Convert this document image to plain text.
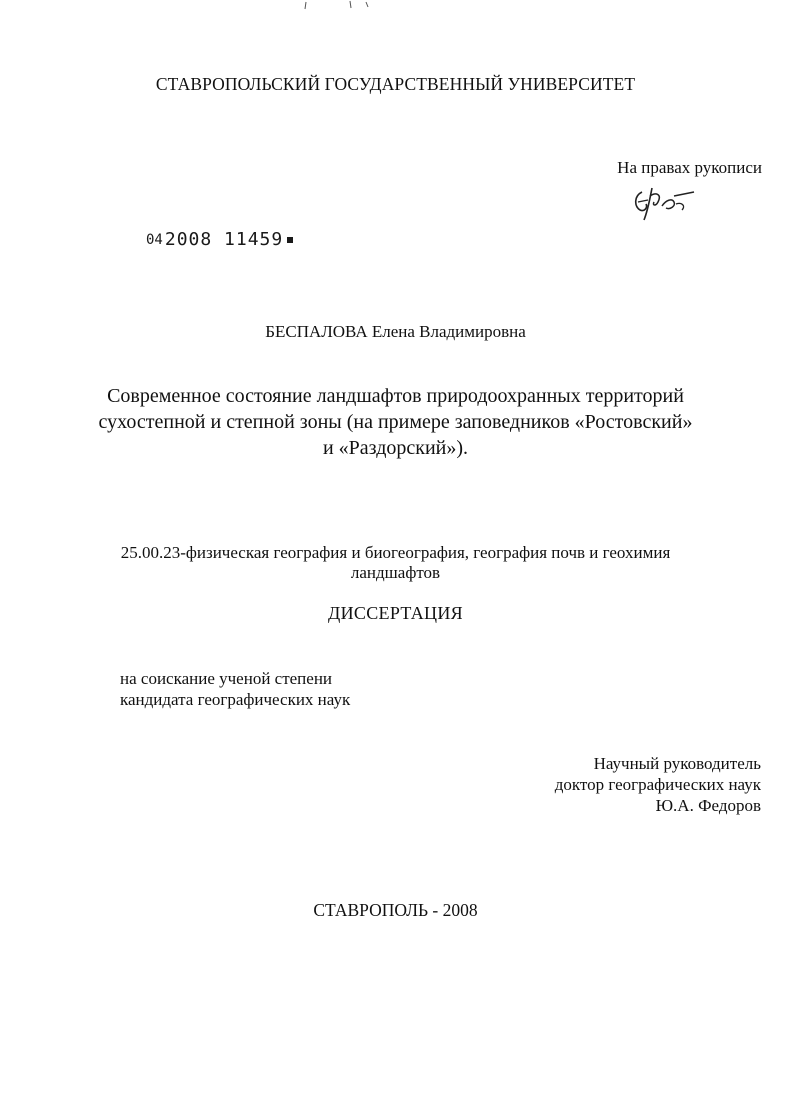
СТАВРОПОЛЬСКИЙ ГОСУДАРСТВЕННЫЙ УНИВЕРСИТЕТ
На правах рукописи
04 2008 11459
БЕСПАЛОВА Елена Владимировна
Современное состояние ландшафтов природоохранных территорий
сухостепной и степной зоны (на примере заповедников «Ростовский»
и «Раздорский»).
25.00.23-физическая география и биогеография, география почв и геохимия
ландшафтов
ДИССЕРТАЦИЯ
на соискание ученой степени
кандидата географических наук
Научный руководитель
доктор географических наук
Ю.А. Федоров
СТАВРОПОЛЬ - 2008
